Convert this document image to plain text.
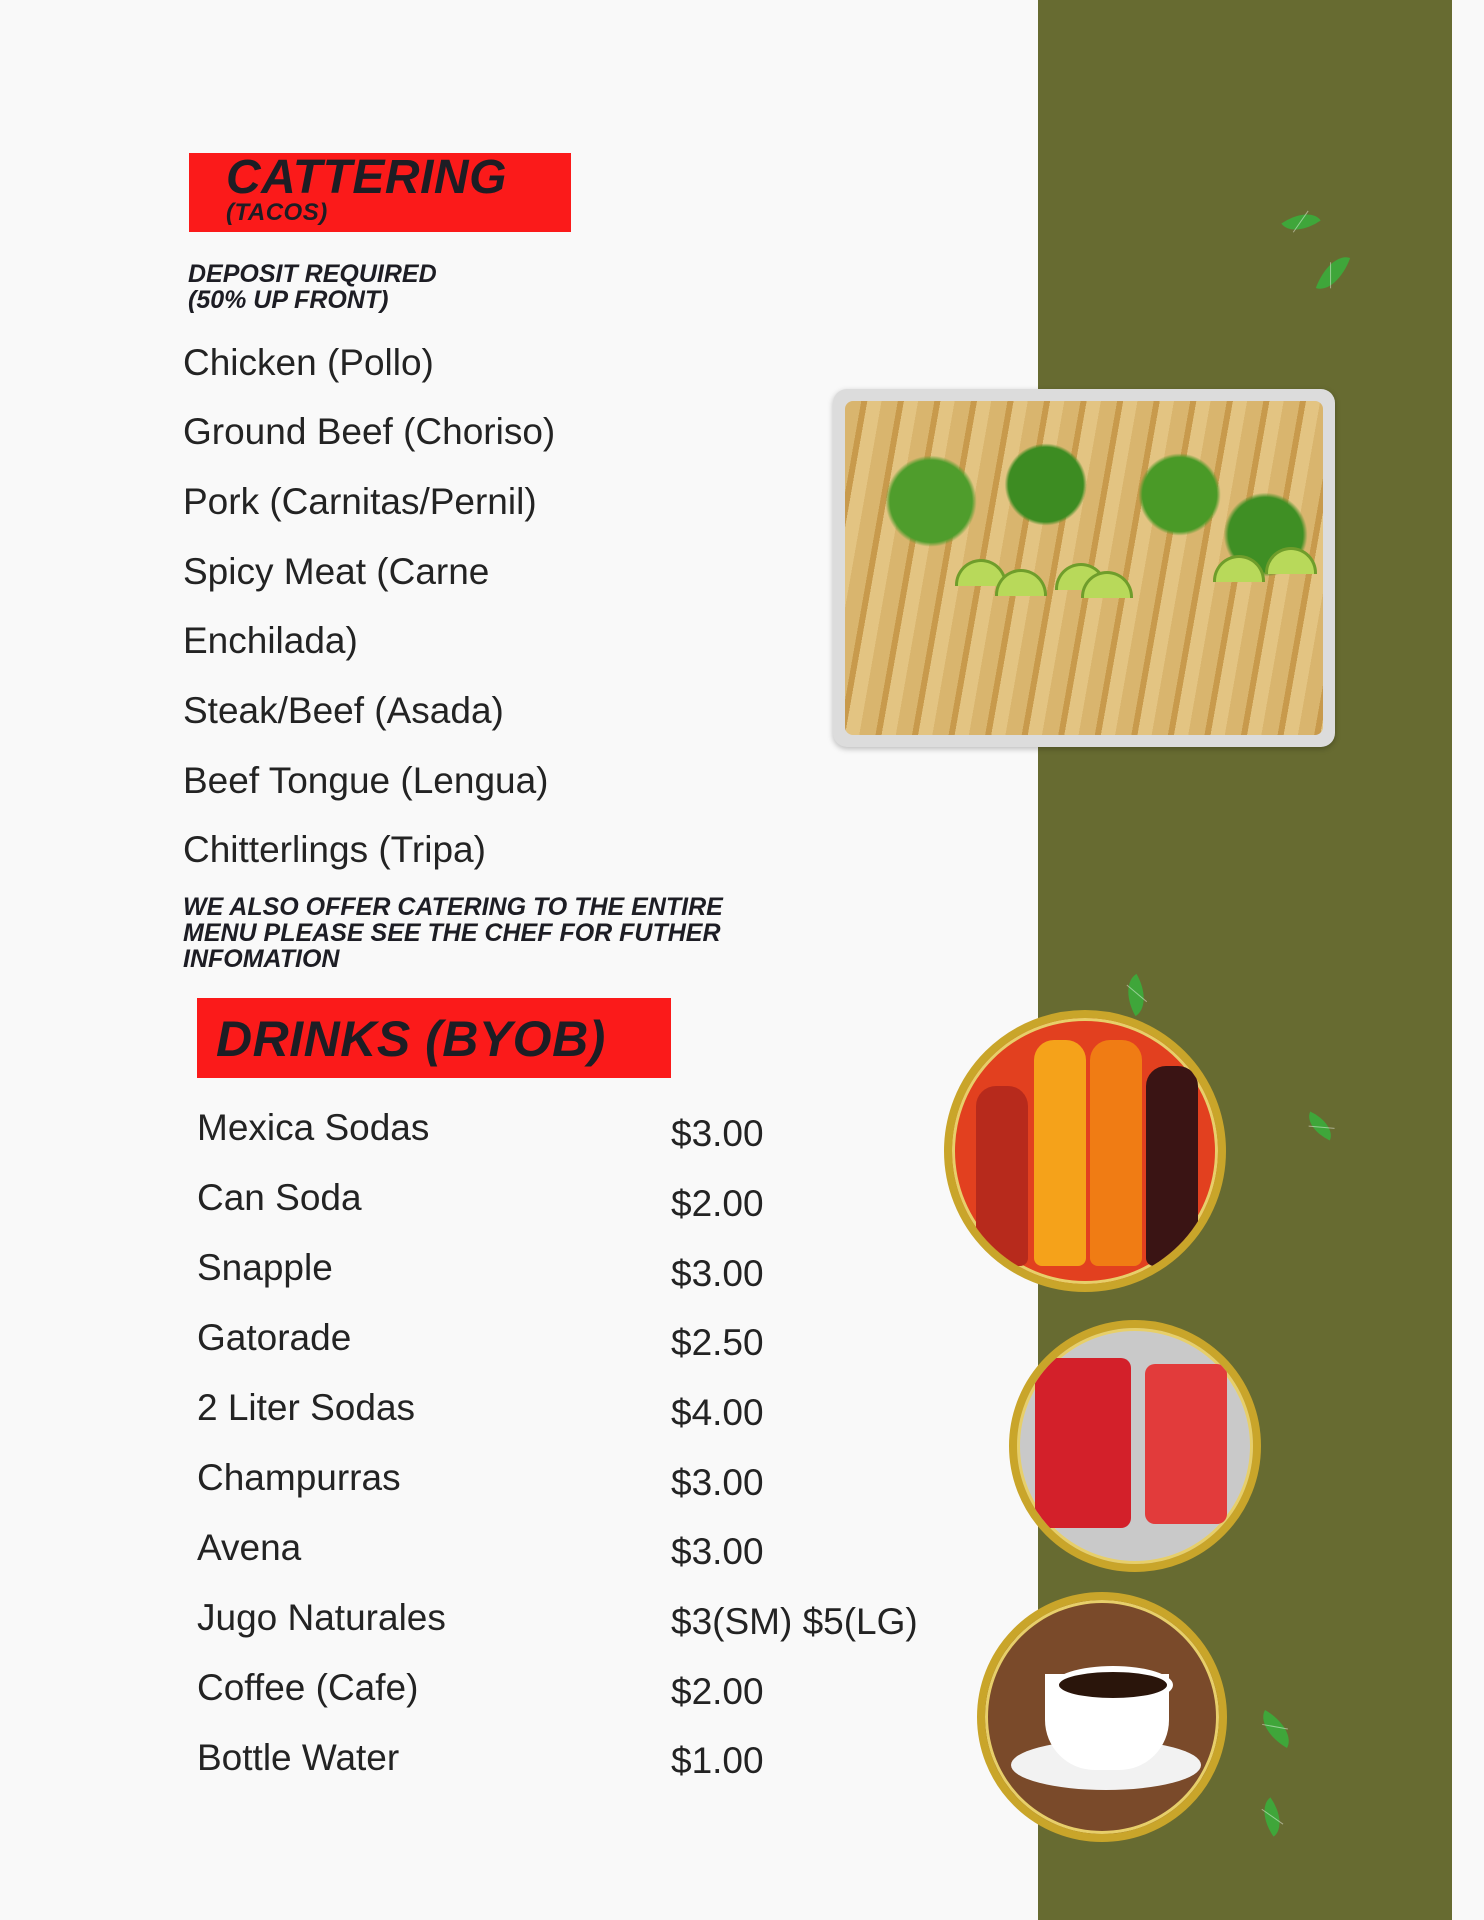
CATTERING
(TACOS)
DEPOSIT REQUIRED
(50% UP FRONT)
Chicken (Pollo)
Ground Beef (Choriso)
Pork (Carnitas/Pernil)
Spicy Meat (Carne
Enchilada)
Steak/Beef (Asada)
Beef Tongue (Lengua)
Chitterlings (Tripa)
WE ALSO OFFER CATERING TO THE ENTIRE
MENU PLEASE SEE THE CHEF FOR FUTHER
INFOMATION
DRINKS (BYOB)
Mexica Sodas	$3.00
Can Soda	$2.00
Snapple	$3.00
Gatorade	$2.50
2 Liter Sodas	$4.00
Champurras	$3.00
Avena	$3.00
Jugo Naturales	$3(SM) $5(LG)
Coffee (Cafe)	$2.00
Bottle Water	$1.00
